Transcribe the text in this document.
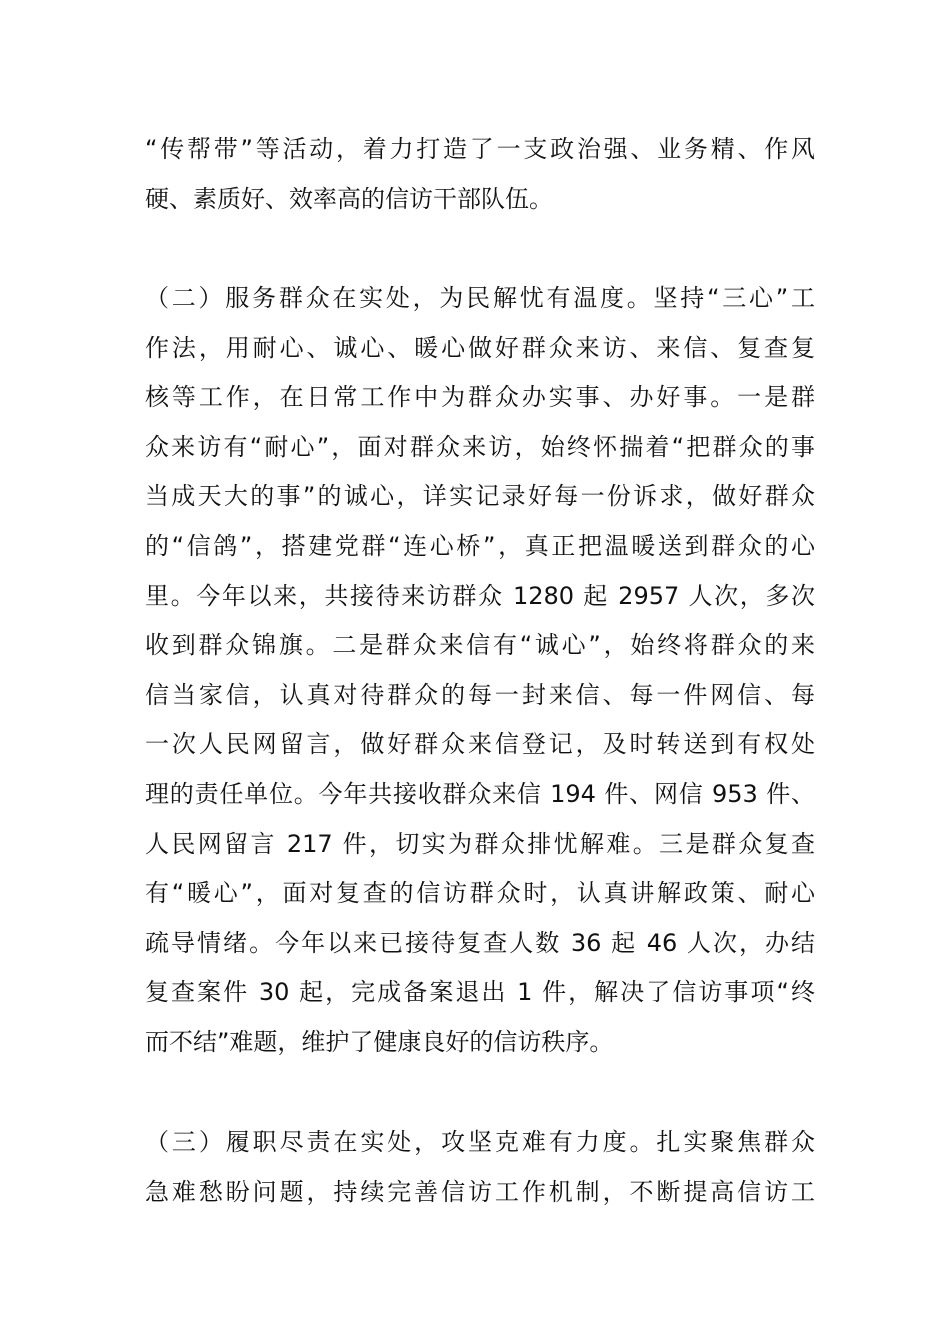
“传帮带”等活动，着力打造了一支政治强、业务精、作风
硬、素质好、效率高的信访干部队伍。
（二）服务群众在实处，为民解忧有温度。坚持“三心”工
作法，用耐心、诚心、暖心做好群众来访、来信、复查复
核等工作，在日常工作中为群众办实事、办好事。一是群
众来访有“耐心”，面对群众来访，始终怀揣着“把群众的事
当成天大的事”的诚心，详实记录好每一份诉求，做好群众
的“信鸽”，搭建党群“连心桥”，真正把温暖送到群众的心
里。今年以来，共接待来访群众 1280 起 2957 人次，多次
收到群众锦旗。二是群众来信有“诚心”，始终将群众的来
信当家信，认真对待群众的每一封来信、每一件网信、每
一次人民网留言，做好群众来信登记，及时转送到有权处
理的责任单位。今年共接收群众来信 194 件、网信 953 件、
人民网留言 217 件，切实为群众排忧解难。三是群众复查
有“暖心”，面对复查的信访群众时，认真讲解政策、耐心
疏导情绪。今年以来已接待复查人数 36 起 46 人次，办结
复查案件 30 起，完成备案退出 1 件，解决了信访事项“终
而不结”难题，维护了健康良好的信访秩序。
（三）履职尽责在实处，攻坚克难有力度。扎实聚焦群众
急难愁盼问题，持续完善信访工作机制，不断提高信访工
